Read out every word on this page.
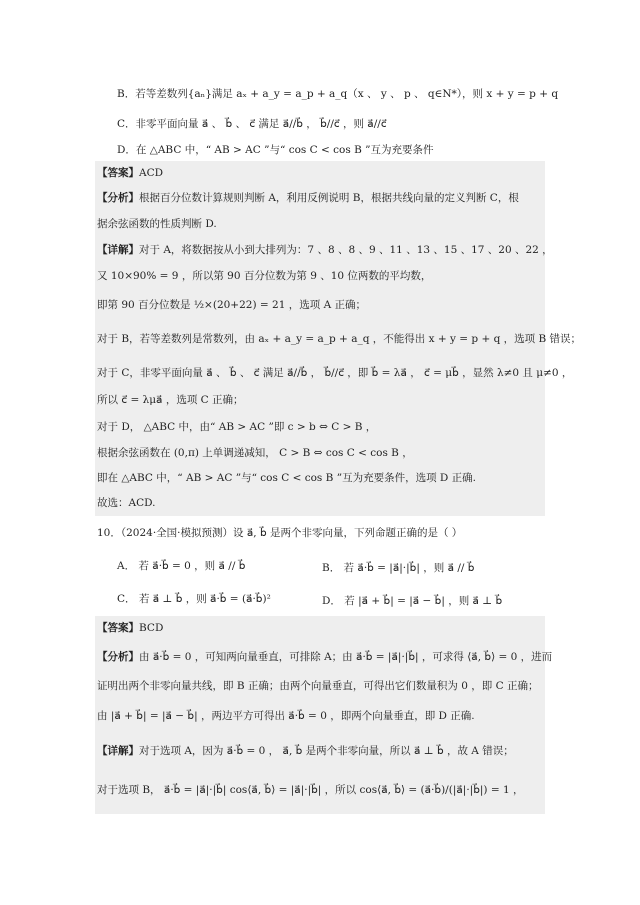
B．若等差数列{aₙ}满足 aₓ + a_y = a_p + a_q（x 、 y 、 p 、 q∈N*），则 x + y = p + q
C．非零平面向量 a⃗ 、 b⃗ 、 c⃗ 满足 a⃗//b⃗ ， b⃗//c⃗ ，则 a⃗//c⃗
D．在 △ABC 中，“ AB > AC ”与“ cos C < cos B ”互为充要条件
【答案】ACD
【分析】根据百分位数计算规则判断 A，利用反例说明 B，根据共线向量的定义判断 C，根
据余弦函数的性质判断 D.
【详解】对于 A，将数据按从小到大排列为：7 、8 、8 、9 、11 、13 、15 、17 、20 、22 ，
又 10×90% = 9 ，所以第 90 百分位数为第 9 、10 位两数的平均数，
即第 90 百分位数是 ½×(20+22) = 21 ，选项 A 正确；
对于 B，若等差数列是常数列，由 aₓ + a_y = a_p + a_q ，不能得出 x + y = p + q ，选项 B 错误；
对于 C，非零平面向量 a⃗ 、 b⃗ 、 c⃗ 满足 a⃗//b⃗ ， b⃗//c⃗ ，即 b⃗ = λa⃗ ， c⃗ = μb⃗ ，显然 λ≠0 且 μ≠0 ，
所以 c⃗ = λμa⃗ ，选项 C 正确；
对于 D， △ABC 中，由“ AB > AC ”即 c > b ⇔ C > B ，
根据余弦函数在 (0,π) 上单调递减知， C > B ⇔ cos C < cos B ，
即在 △ABC 中，“ AB > AC ”与“ cos C < cos B ”互为充要条件，选项 D 正确.
故选：ACD.
10．（2024·全国·模拟预测）设 a⃗, b⃗ 是两个非零向量，下列命题正确的是（ ）
A． 若 a⃗·b⃗ = 0 ，则 a⃗ // b⃗	B． 若 a⃗·b⃗ = |a⃗|·|b⃗| ，则 a⃗ // b⃗
C． 若 a⃗ ⊥ b⃗ ，则 a⃗·b⃗ = (a⃗·b⃗)²	D． 若 |a⃗ + b⃗| = |a⃗ − b⃗| ，则 a⃗ ⊥ b⃗
【答案】BCD
【分析】由 a⃗·b⃗ = 0 ，可知两向量垂直，可排除 A；由 a⃗·b⃗ = |a⃗|·|b⃗| ，可求得 ⟨a⃗, b⃗⟩ = 0 ，进而
证明出两个非零向量共线，即 B 正确；由两个向量垂直，可得出它们数量积为 0 ，即 C 正确；
由 |a⃗ + b⃗| = |a⃗ − b⃗| ，两边平方可得出 a⃗·b⃗ = 0 ，即两个向量垂直，即 D 正确.
【详解】对于选项 A，因为 a⃗·b⃗ = 0 ， a⃗, b⃗ 是两个非零向量，所以 a⃗ ⊥ b⃗ ，故 A 错误；
对于选项 B， a⃗·b⃗ = |a⃗|·|b⃗| cos⟨a⃗, b⃗⟩ = |a⃗|·|b⃗| ，所以 cos⟨a⃗, b⃗⟩ = (a⃗·b⃗)/(|a⃗|·|b⃗|) = 1 ，
